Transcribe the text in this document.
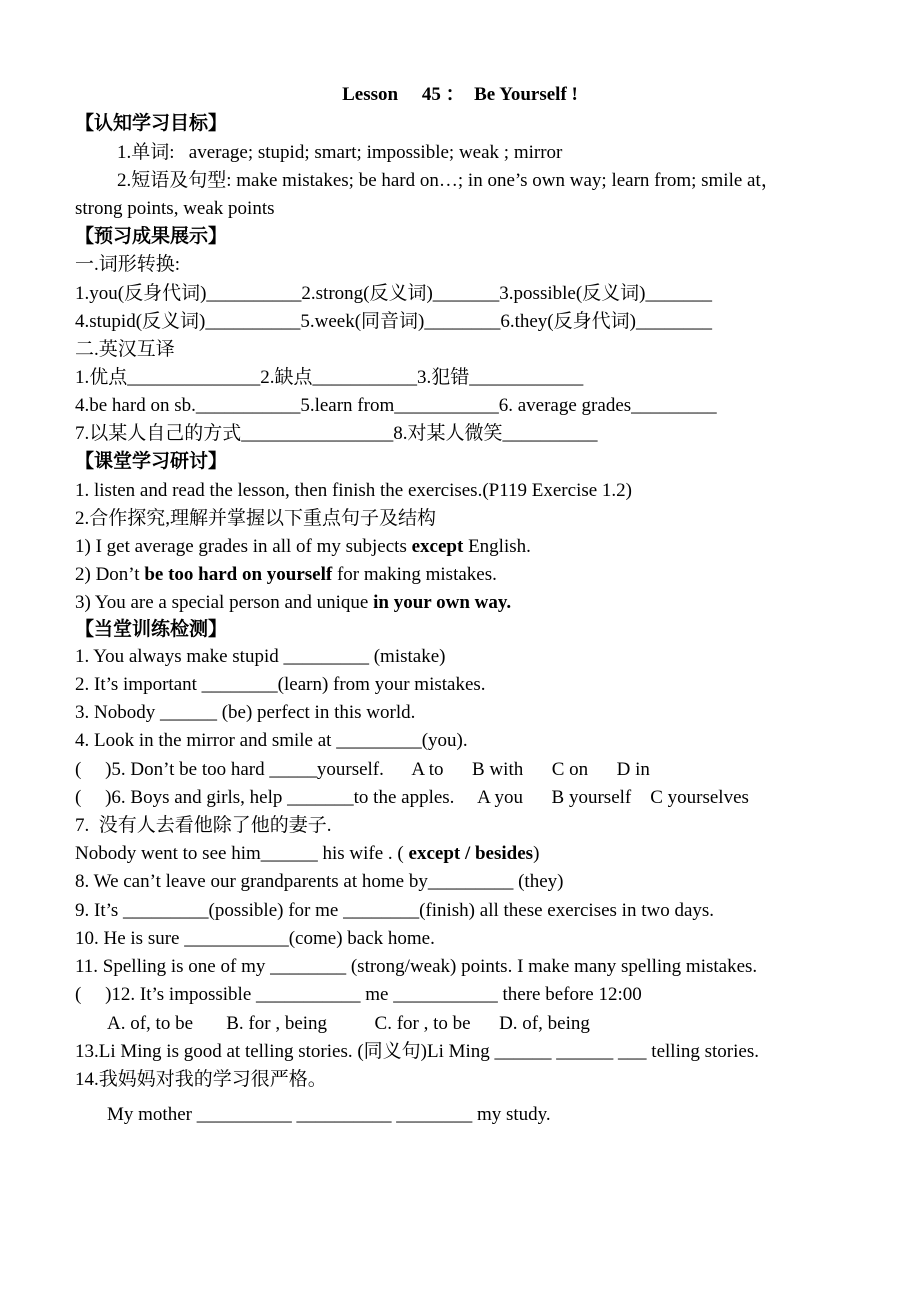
Lesson　 45 ：  Be Yourself !
【认知学习目标】
1.单词:   average; stupid; smart; impossible; weak ; mirror
2.短语及句型: make mistakes; be hard on…; in one’s own way; learn from; smile at，
strong points, weak points
【预习成果展示】
一.词形转换:
1.you(反身代词)__________2.strong(反义词)_______3.possible(反义词)_______
4.stupid(反义词)__________5.week(同音词)________6.they(反身代词)________
二.英汉互译
1.优点______________2.缺点___________3.犯错____________
4.be hard on sb.___________5.learn from___________6. average grades_________
7.以某人自己的方式________________8.对某人微笑__________
【课堂学习研讨】
1. listen and read the lesson, then finish the exercises.(P119 Exercise 1.2)
2.合作探究,理解并掌握以下重点句子及结构
1) I get average grades in all of my subjects except English.
2) Don’t be too hard on yourself for making mistakes.
3) You are a special person and unique in your own way.
【当堂训练检测】
1. You always make stupid _________ (mistake)
2. It’s important ________(learn) from your mistakes.
3. Nobody ______ (be) perfect in this world.
4. Look in the mirror and smile at _________(you).
(     )5. Don’t be too hard _____yourself.      A to      B with      C on      D in
(     )6. Boys and girls, help _______to the apples.     A you      B yourself    C yourselves
7.  没有人去看他除了他的妻子.
Nobody went to see him______ his wife . ( except / besides)
8. We can’t leave our grandparents at home by_________ (they)
9. It’s _________(possible) for me ________(finish) all these exercises in two days.
10. He is sure ___________(come) back home.
11. Spelling is one of my ________ (strong/weak) points. I make many spelling mistakes.
(     )12. It’s impossible ___________ me ___________ there before 12:00
A. of, to be       B. for , being          C. for , to be      D. of, being
13.Li Ming is good at telling stories. (同义句)Li Ming ______ ______ ___ telling stories.
14.我妈妈对我的学习很严格。
My mother __________ __________ ________ my study.
